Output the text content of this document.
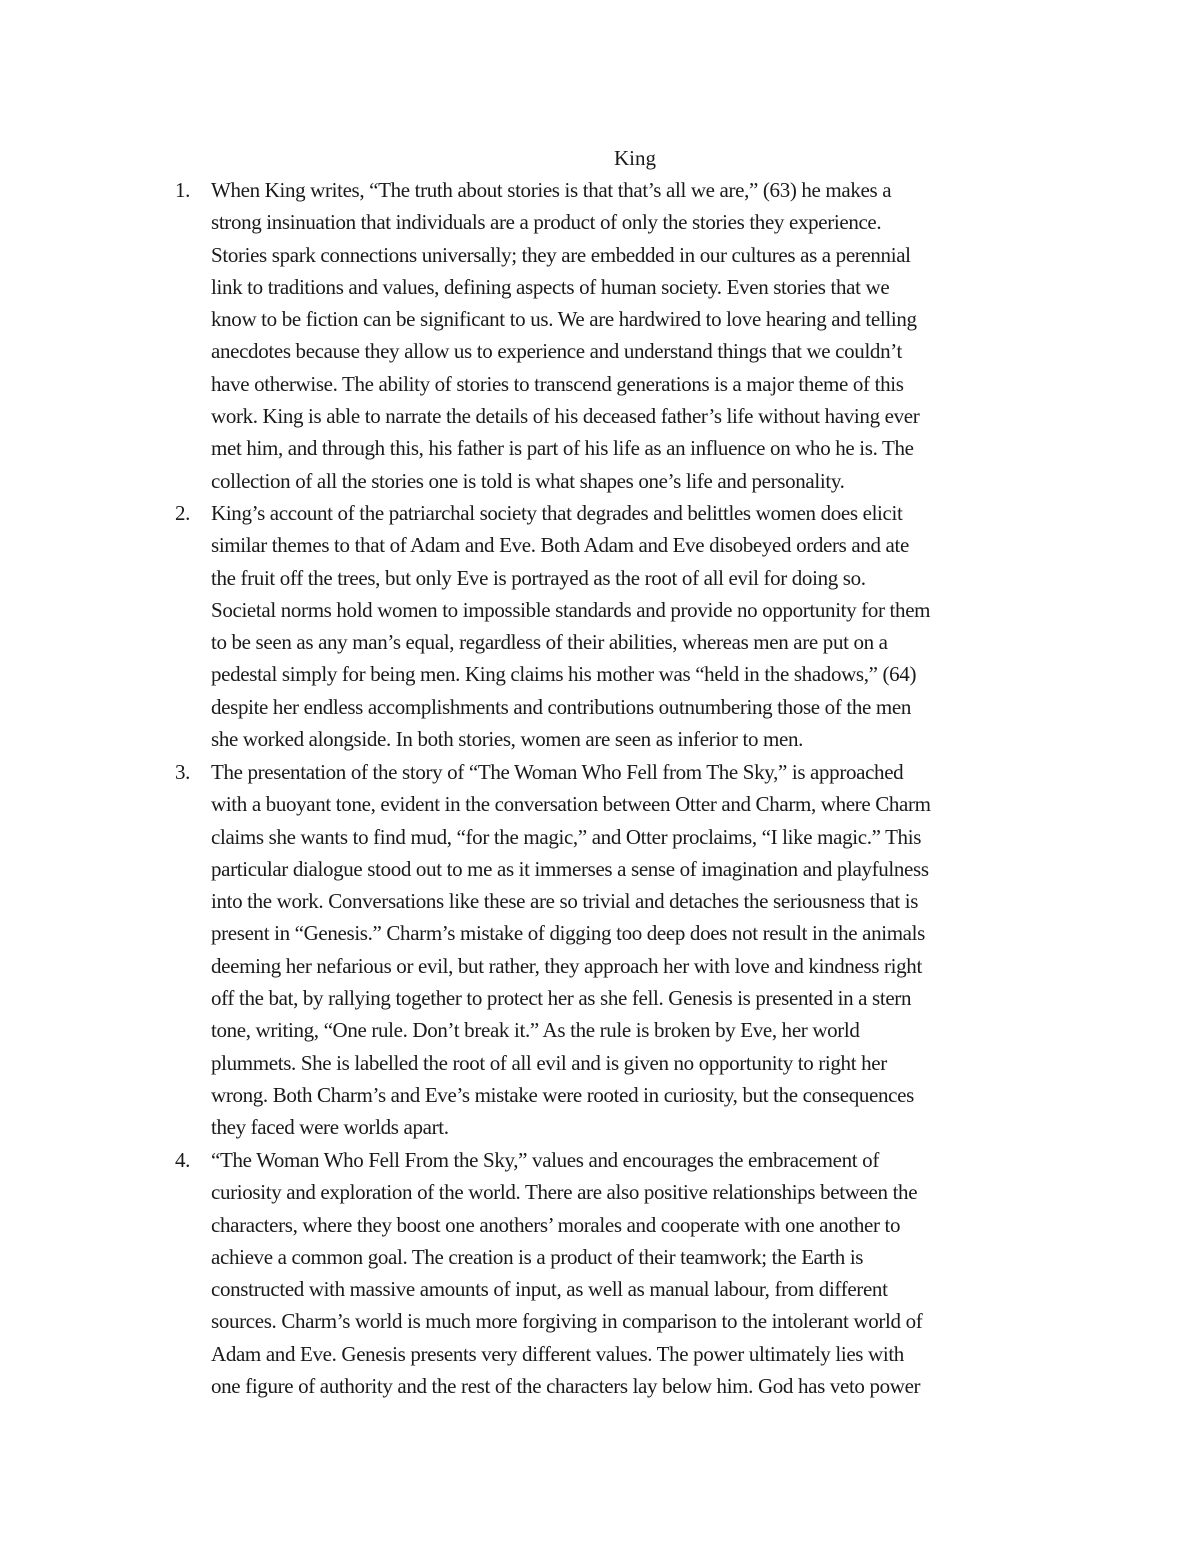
King
1. When King writes, “The truth about stories is that that’s all we are,” (63) he makes a
strong insinuation that individuals are a product of only the stories they experience.
Stories spark connections universally; they are embedded in our cultures as a perennial
link to traditions and values, defining aspects of human society. Even stories that we
know to be fiction can be significant to us. We are hardwired to love hearing and telling
anecdotes because they allow us to experience and understand things that we couldn’t
have otherwise. The ability of stories to transcend generations is a major theme of this
work. King is able to narrate the details of his deceased father’s life without having ever
met him, and through this, his father is part of his life as an influence on who he is. The
collection of all the stories one is told is what shapes one’s life and personality.
2. King’s account of the patriarchal society that degrades and belittles women does elicit
similar themes to that of Adam and Eve. Both Adam and Eve disobeyed orders and ate
the fruit off the trees, but only Eve is portrayed as the root of all evil for doing so.
Societal norms hold women to impossible standards and provide no opportunity for them
to be seen as any man’s equal, regardless of their abilities, whereas men are put on a
pedestal simply for being men. King claims his mother was “held in the shadows,” (64)
despite her endless accomplishments and contributions outnumbering those of the men
she worked alongside. In both stories, women are seen as inferior to men.
3. The presentation of the story of “The Woman Who Fell from The Sky,” is approached
with a buoyant tone, evident in the conversation between Otter and Charm, where Charm
claims she wants to find mud, “for the magic,” and Otter proclaims, “I like magic.” This
particular dialogue stood out to me as it immerses a sense of imagination and playfulness
into the work. Conversations like these are so trivial and detaches the seriousness that is
present in “Genesis.” Charm’s mistake of digging too deep does not result in the animals
deeming her nefarious or evil, but rather, they approach her with love and kindness right
off the bat, by rallying together to protect her as she fell. Genesis is presented in a stern
tone, writing, “One rule. Don’t break it.” As the rule is broken by Eve, her world
plummets. She is labelled the root of all evil and is given no opportunity to right her
wrong. Both Charm’s and Eve’s mistake were rooted in curiosity, but the consequences
they faced were worlds apart.
4. “The Woman Who Fell From the Sky,” values and encourages the embracement of
curiosity and exploration of the world. There are also positive relationships between the
characters, where they boost one anothers’ morales and cooperate with one another to
achieve a common goal. The creation is a product of their teamwork; the Earth is
constructed with massive amounts of input, as well as manual labour, from different
sources. Charm’s world is much more forgiving in comparison to the intolerant world of
Adam and Eve. Genesis presents very different values. The power ultimately lies with
one figure of authority and the rest of the characters lay below him. God has veto power
